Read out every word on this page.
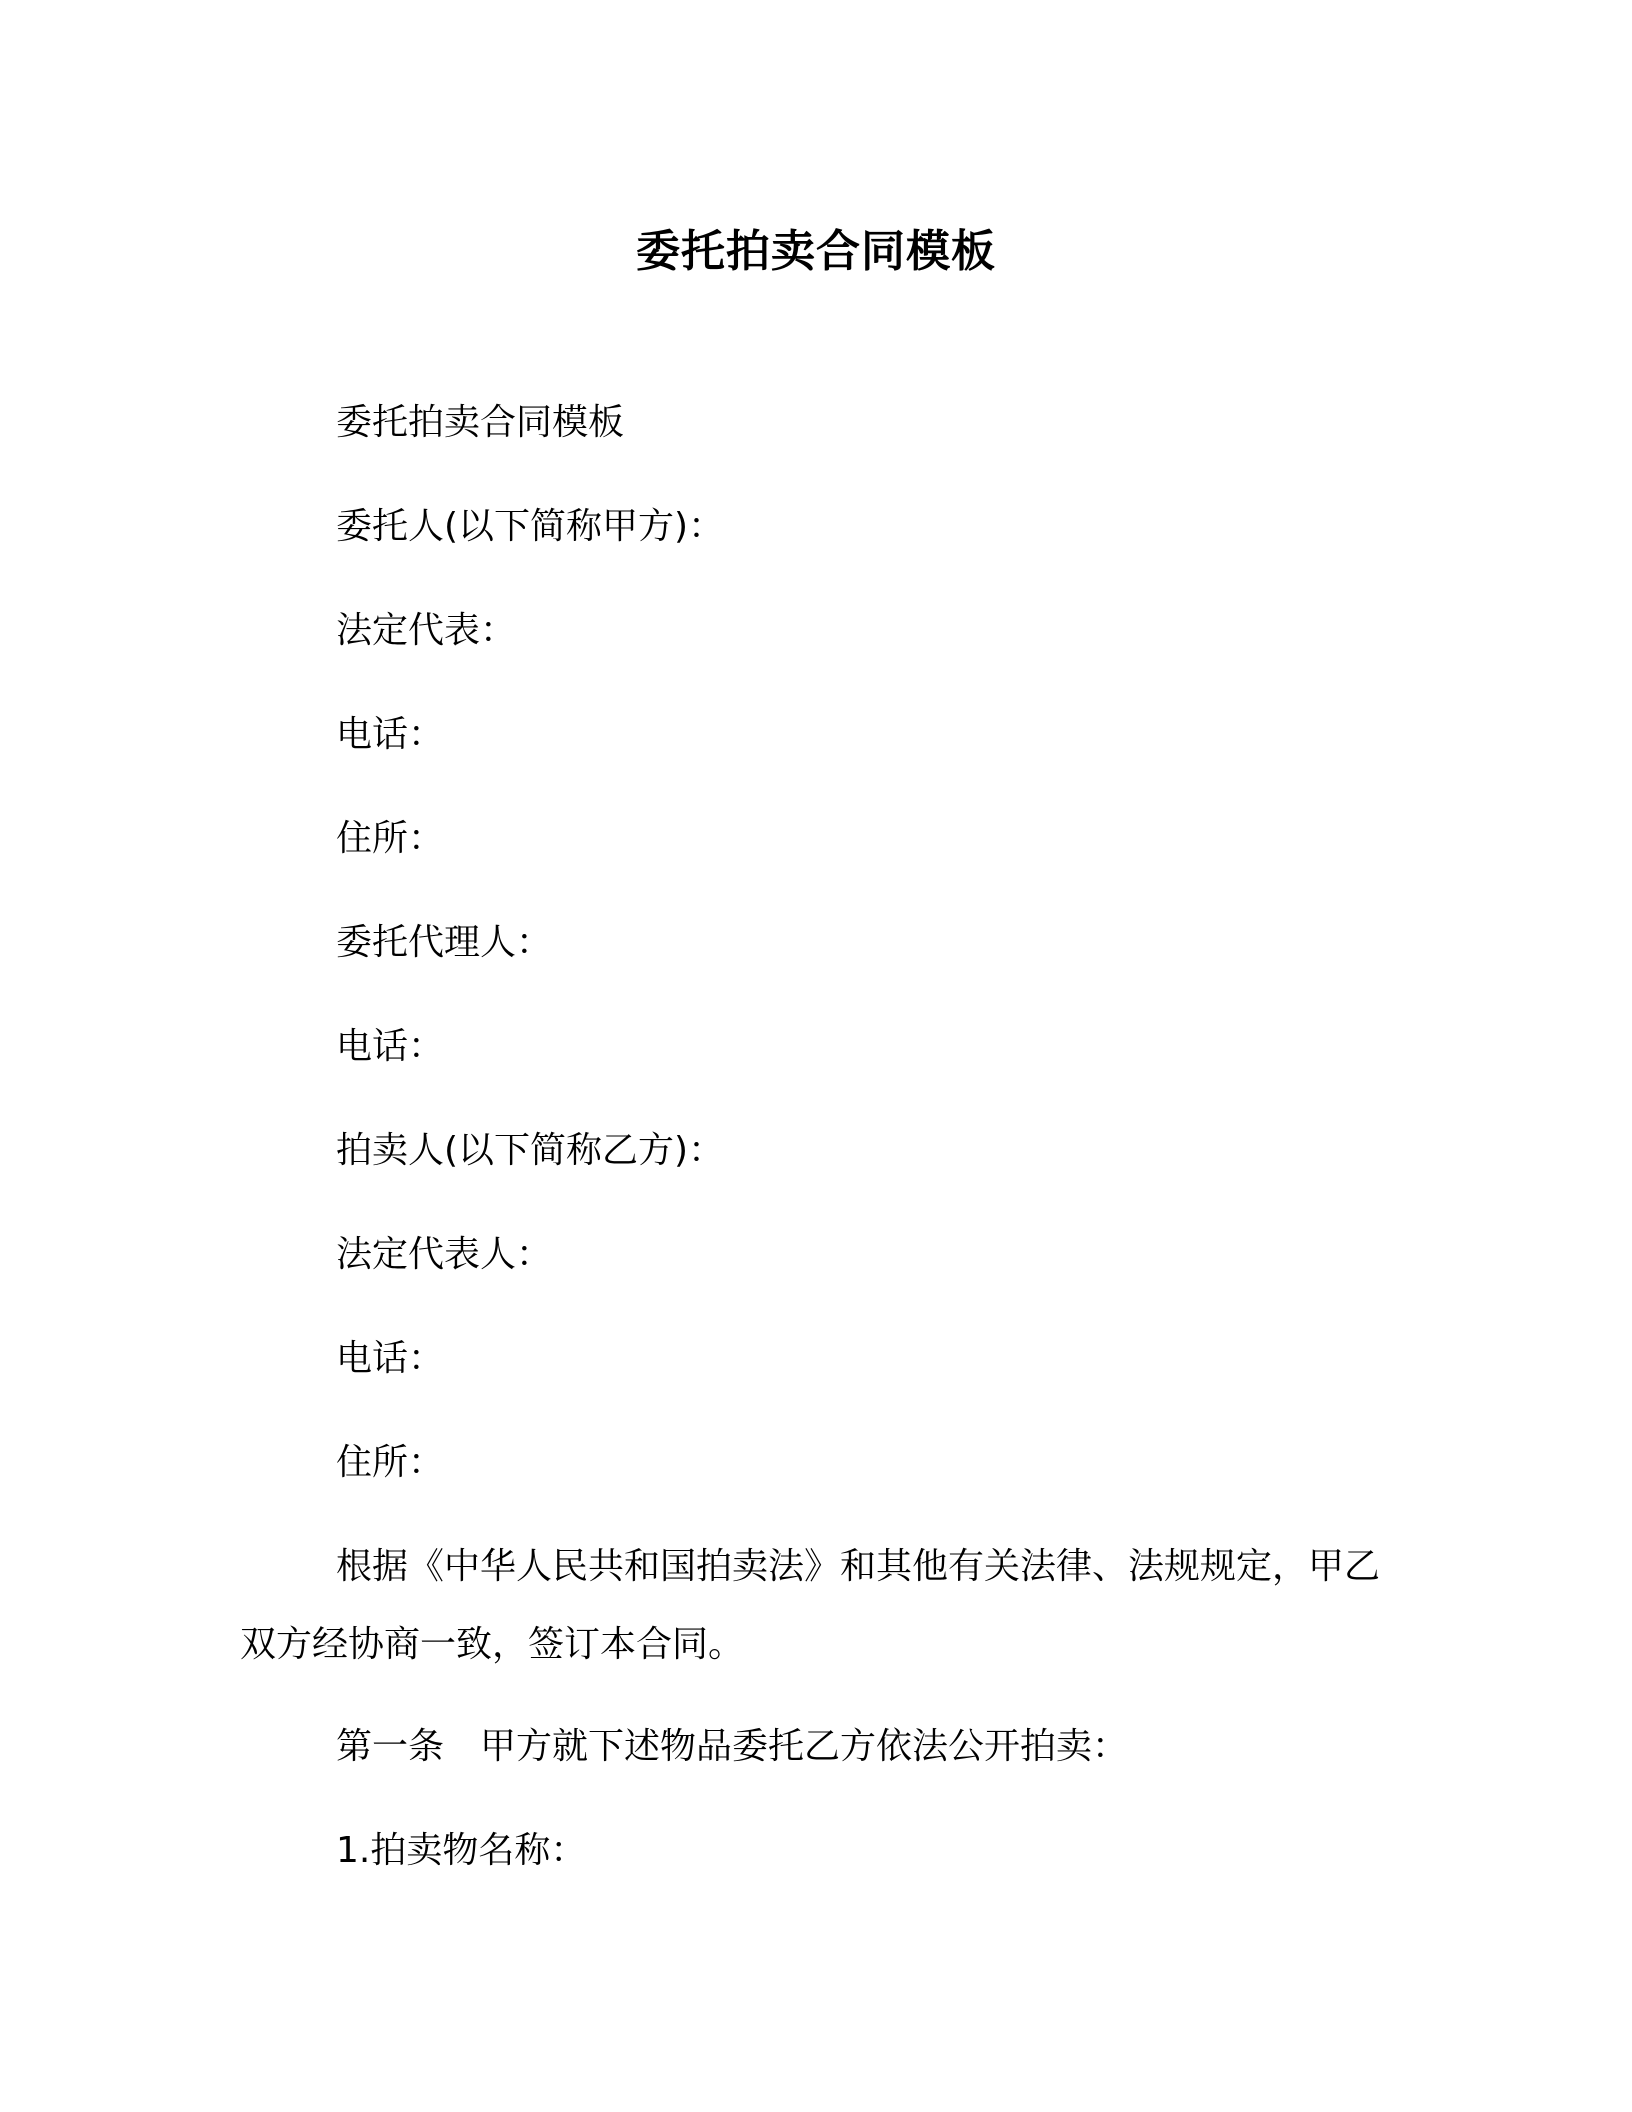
委托拍卖合同模板
委托拍卖合同模板
委托人(以下简称甲方)：
法定代表：
电话：
住所：
委托代理人：
电话：
拍卖人(以下简称乙方)：
法定代表人：
电话：
住所：
根据《中华人民共和国拍卖法》和其他有关法律、法规规定，甲乙双方经协商一致，签订本合同。
第一条　甲方就下述物品委托乙方依法公开拍卖：
1.拍卖物名称：
